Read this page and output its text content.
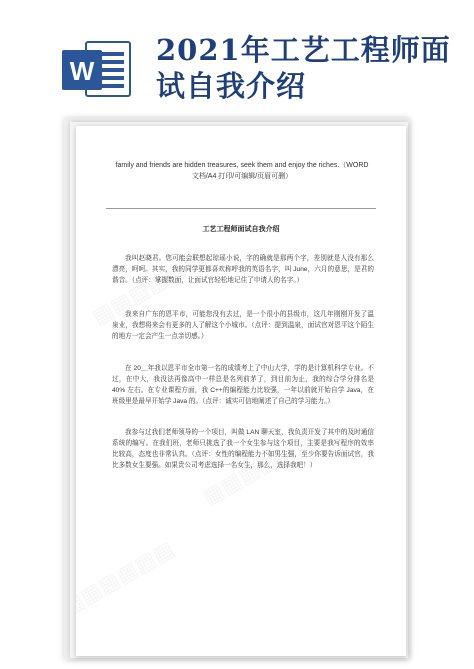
W
2021年工艺工程师面试自我介绍
family and friends are hidden treasures, seek them and enjoy the riches.（WORD
文档/A4 打印/可编辑/页眉可删）
工艺工程师面试自我介绍

我叫赵晓君。您可能会联想起琼瑶小说，字的确就是那两个字，差别就是人没有那么漂亮，呵呵。其实，我的同学更都喜欢称呼我的英语名字，叫 June，六月的意思，是君的谐音。（点评：掌握数面，让面试官轻松地记住了申请人的名字。）

我来自广东的恩平市，可能您没有去过，是一个很小的县级市，这几年刚刚开发了温泉业，我想将来会有更多的人了解这个小城市。（点评：提到温泉，面试官对恩平这个陌生的地方一定会产生一点亲切感。）

在 20＿年我以恩平市全市第一名的成绩考上了中山大学，学的是计算机科学专业。不过，在中大，我没法再像高中一样总是名列前茅了，到目前为止，我的综合学分排名是 40% 左右。在专业课程方面，我 C++的编程能力比较强，一年以前就开始自学 Java，在班级里是最早开始学 Java 的。（点评：诚实可信地阐述了自己的学习能力。）

我参与过我们老师领导的一个项目，叫做 LAN 聊天室，我负责开发了其中的及时通信系统的编写。在我们班，老师只挑选了我一个女生参与这个项目，主要是我写程序的效率比较高，态度也非常认真。（点评：女性的编程能力不如男生强，至少你要告诉面试官，我比多数女生要强。如果贵公司考虑选择一名女生，那么，选择我吧！）
